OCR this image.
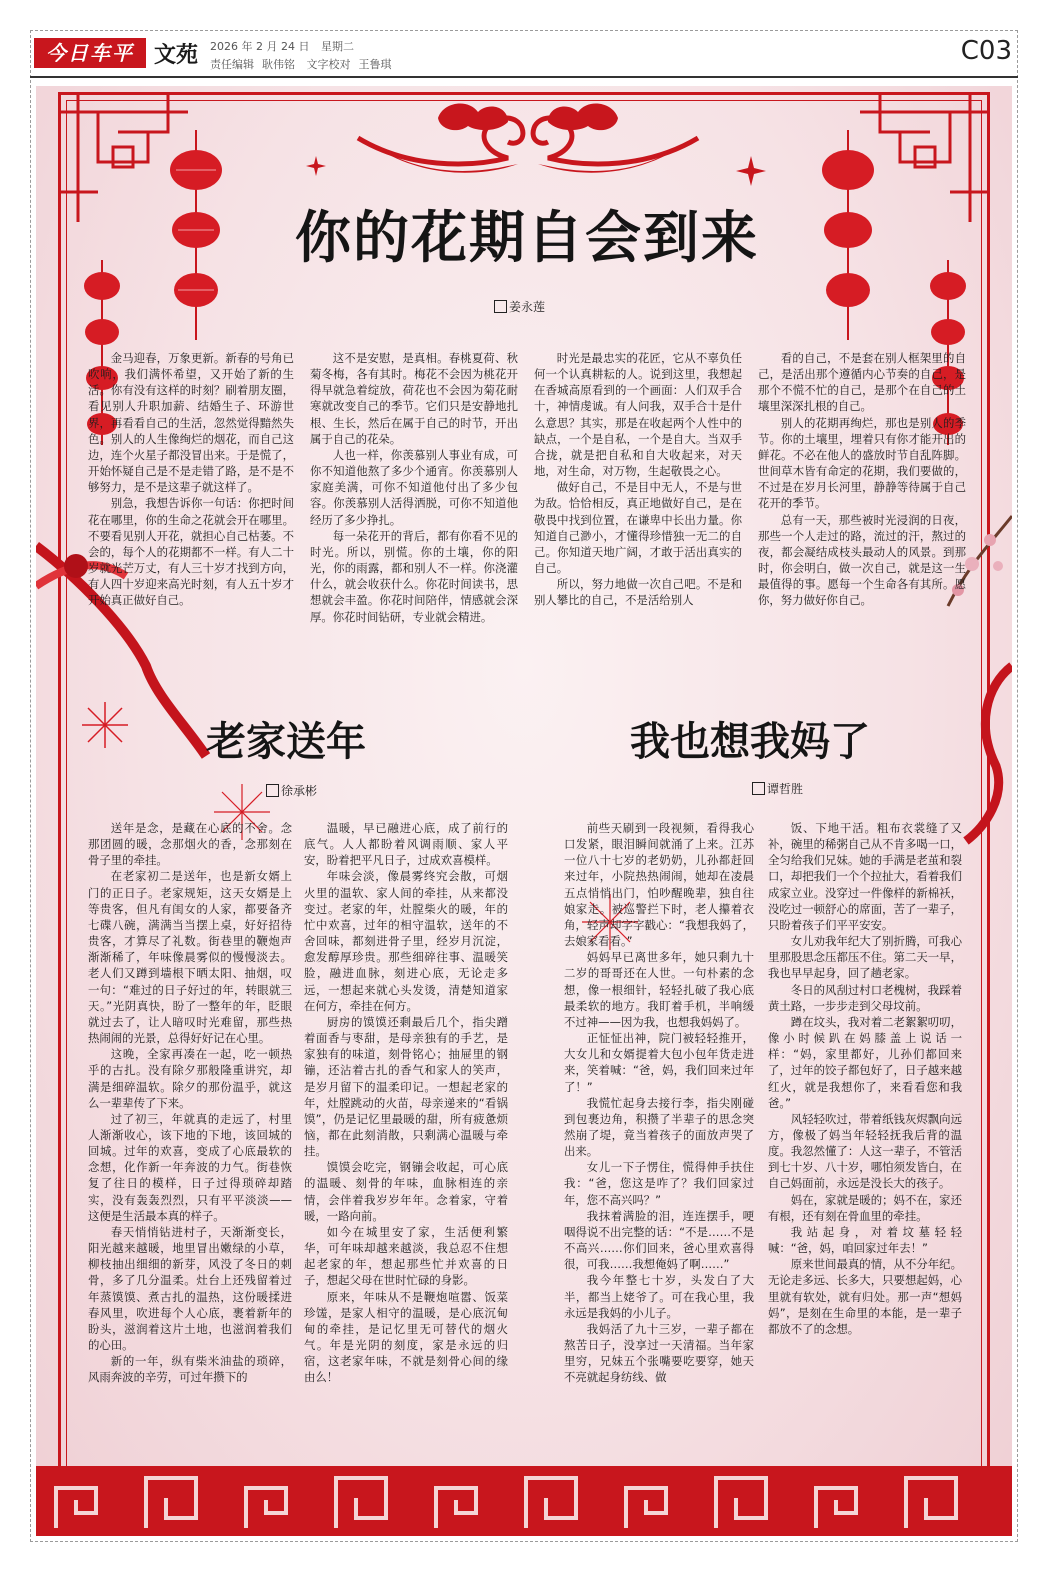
今日车平 文苑 2026 年 2 月 24 日 星期二
责任编辑 耿伟铭 文字校对 王鲁琪	C03
你的花期自会到来
姜永莲

金马迎春，万象更新。新春的号角已吹响，我们满怀希望，又开始了新的生活。你有没有这样的时刻？刷着朋友圈，看见别人升职加薪、结婚生子、环游世界，再看看自己的生活，忽然觉得黯然失色。别人的人生像绚烂的烟花，而自己这边，连个火星子都没冒出来。于是慌了，开始怀疑自己是不是走错了路，是不是不够努力，是不是这辈子就这样了。

别急，我想告诉你一句话：你把时间花在哪里，你的生命之花就会开在哪里。不要看见别人开花，就担心自己枯萎。不会的，每个人的花期都不一样。有人二十岁就光芒万丈，有人三十岁才找到方向，有人四十岁迎来高光时刻，有人五十岁才开始真正做好自己。

这不是安慰，是真相。春桃夏荷、秋菊冬梅，各有其时。梅花不会因为桃花开得早就急着绽放，荷花也不会因为菊花耐寒就改变自己的季节。它们只是安静地扎根、生长，然后在属于自己的时节，开出属于自己的花朵。

人也一样，你羡慕别人事业有成，可你不知道他熬了多少个通宵。你羡慕别人家庭美满，可你不知道他付出了多少包容。你羡慕别人活得洒脱，可你不知道他经历了多少挣扎。

每一朵花开的背后，都有你看不见的时光。所以，别慌。你的土壤，你的阳光，你的雨露，都和别人不一样。你浇灌什么，就会收获什么。你花时间读书，思想就会丰盈。你花时间陪伴，情感就会深厚。你花时间钻研，专业就会精进。

时光是最忠实的花匠，它从不辜负任何一个认真耕耘的人。说到这里，我想起在香城高原看到的一个画面：人们双手合十，神情虔诚。有人问我，双手合十是什么意思？其实，那是在收起两个人性中的缺点，一个是自私，一个是自大。当双手合拢，就是把自私和自大收起来，对天地，对生命，对万物，生起敬畏之心。

做好自己，不是目中无人，不是与世为敌。恰恰相反，真正地做好自己，是在敬畏中找到位置，在谦卑中长出力量。你知道自己渺小，才懂得珍惜独一无二的自己。你知道天地广阔，才敢于活出真实的自己。

所以，努力地做一次自己吧。不是和别人攀比的自己，不是活给别人

看的自己，不是套在别人框架里的自己，是活出那个遵循内心节奏的自己，是那个不慌不忙的自己，是那个在自己的土壤里深深扎根的自己。

别人的花期再绚烂，那也是别人的季节。你的土壤里，埋着只有你才能开出的鲜花。不必在他人的盛放时节自乱阵脚。世间草木皆有命定的花期，我们要做的，不过是在岁月长河里，静静等待属于自己花开的季节。

总有一天，那些被时光浸润的日夜，那些一个人走过的路，流过的汗，熬过的夜，都会凝结成枝头最动人的风景。到那时，你会明白，做一次自己，就是这一生最值得的事。愿每一个生命各有其所。愿你，努力做好你自己。

老家送年
徐承彬

送年是念，是藏在心底的不舍。念那团圆的暖，念那烟火的香，念那刻在骨子里的牵挂。

在老家初二是送年，也是新女婿上门的正日子。老家规矩，这天女婿是上等贵客，但凡有闺女的人家，都要备齐七碟八碗，满满当当摆上桌，好好招待贵客，才算尽了礼数。街巷里的鞭炮声渐渐稀了，年味像晨雾似的慢慢淡去。老人们又蹲到墙根下晒太阳、抽烟，叹一句：“难过的日子好过的年，转眼就三天。”光阴真快，盼了一整年的年，眨眼就过去了，让人暗叹时光难留，那些热热闹闹的光景，总得好好记在心里。

这晚，全家再凑在一起，吃一顿热乎的古扎。没有除夕那般隆重讲究，却满是细碎温软。除夕的那份温乎，就这么一辈辈传了下来。

过了初三，年就真的走远了，村里人渐渐收心，该下地的下地，该回城的回城。过年的欢喜，变成了心底最软的念想，化作新一年奔波的力气。街巷恢复了往日的模样，日子过得琐碎却踏实，没有轰轰烈烈，只有平平淡淡——这便是生活最本真的样子。

春天悄悄钻进村子，天渐渐变长，阳光越来越暖，地里冒出嫩绿的小草，柳枝抽出细细的新芽，风没了冬日的刺骨，多了几分温柔。灶台上还残留着过年蒸馍馍、煮古扎的温热，这份暖揉进春风里，吹进每个人心底，裹着新年的盼头，滋润着这片土地，也滋润着我们的心田。

新的一年，纵有柴米油盐的琐碎，风雨奔波的辛劳，可过年攒下的

温暖，早已融进心底，成了前行的底气。人人都盼着风调雨顺、家人平安，盼着把平凡日子，过成欢喜模样。

年味会淡，像晨雾终究会散，可烟火里的温软、家人间的牵挂，从来都没变过。老家的年，灶膛柴火的暖，年的忙中欢喜，过年的相守温软，送年的不舍回味，都刻进骨子里，经岁月沉淀，愈发醇厚珍贵。那些细碎往事、温暖笑脸，融进血脉，刻进心底，无论走多远，一想起来就心头发烫，清楚知道家在何方，牵挂在何方。

厨房的馍馍还剩最后几个，指尖蹭着面香与枣甜，是母亲独有的手艺，是家独有的味道，刻骨铭心；抽屉里的钢镚，还沾着古扎的香气和家人的笑声，是岁月留下的温柔印记。一想起老家的年，灶膛跳动的火苗，母亲递来的“看锅馍”，仍是记忆里最暖的甜，所有疲惫烦恼，都在此刻消散，只剩满心温暖与牵挂。

馍馍会吃完，钢镚会收起，可心底的温暖、刻骨的年味，血脉相连的亲情，会伴着我岁岁年年。念着家，守着暖，一路向前。

如今在城里安了家，生活便利繁华，可年味却越来越淡，我总忍不住想起老家的年，想起那些忙并欢喜的日子，想起父母在世时忙碌的身影。

原来，年味从不是鞭炮喧嚣、饭菜珍馐，是家人相守的温暖，是心底沉甸甸的牵挂，是记忆里无可替代的烟火气。年是光阴的刻度，家是永远的归宿，这老家年味，不就是刻骨心间的缘由么！

我也想我妈了
谭哲胜

前些天刷到一段视频，看得我心口发紧，眼泪瞬间就涌了上来。江苏一位八十七岁的老奶奶，儿孙都赶回来过年，小院热热闹闹，她却在凌晨五点悄悄出门，怕吵醒晚辈，独自往娘家走。被巡警拦下时，老人攥着衣角，轻声却字字戳心：“我想我妈了，去娘家看看。”

妈妈早已离世多年，她只剩九十二岁的哥哥还在人世。一句朴素的念想，像一根细针，轻轻扎破了我心底最柔软的地方。我盯着手机，半响缓不过神——因为我，也想我妈妈了。

正怔怔出神，院门被轻轻推开，大女儿和女婿提着大包小包年货走进来，笑着喊：“爸，妈，我们回来过年了！”

我慌忙起身去接行李，指尖刚碰到包裹边角，积攒了半辈子的思念突然崩了堤，竟当着孩子的面放声哭了出来。

女儿一下子愣住，慌得伸手扶住我：“爸，您这是咋了？我们回家过年，您不高兴吗？”

我抹着满脸的泪，连连摆手，哽咽得说不出完整的话：“不是……不是不高兴……你们回来，爸心里欢喜得很，可我……我想俺妈了啊……”

我今年整七十岁，头发白了大半，都当上姥爷了。可在我心里，我永远是我妈的小儿子。

我妈活了九十三岁，一辈子都在熬苦日子，没享过一天清福。当年家里穷，兄妹五个张嘴要吃要穿，她天不亮就起身纺线、做

饭、下地干活。粗布衣裳缝了又补，碗里的稀粥自己从不肯多喝一口，全匀给我们兄妹。她的手满是老茧和裂口，却把我们一个个拉扯大，看着我们成家立业。没穿过一件像样的新棉袄，没吃过一顿舒心的席面，苦了一辈子，只盼着孩子们平平安安。

女儿劝我年纪大了别折腾，可我心里那股思念压都压不住。第二天一早，我也早早起身，回了趟老家。

冬日的风刮过村口老槐树，我踩着黄土路，一步步走到父母坟前。

蹲在坟头，我对着二老絮絮叨叨，像小时候趴在妈膝盖上说话一样：“妈，家里都好，儿孙们都回来了，过年的饺子都包好了，日子越来越红火，就是我想你了，来看看您和我爸。”

风轻轻吹过，带着纸钱灰烬飘向远方，像极了妈当年轻轻抚我后背的温度。我忽然懂了：人这一辈子，不管活到七十岁、八十岁，哪怕须发皆白，在自己妈面前，永远是没长大的孩子。

妈在，家就是暖的；妈不在，家还有根，还有刻在骨血里的牵挂。

我站起身，对着坟墓轻轻喊：“爸，妈，咱回家过年去！”

原来世间最真的情，从不分年纪。无论走多远、长多大，只要想起妈，心里就有软处，就有归处。那一声“想妈妈”，是刻在生命里的本能，是一辈子都放不了的念想。
